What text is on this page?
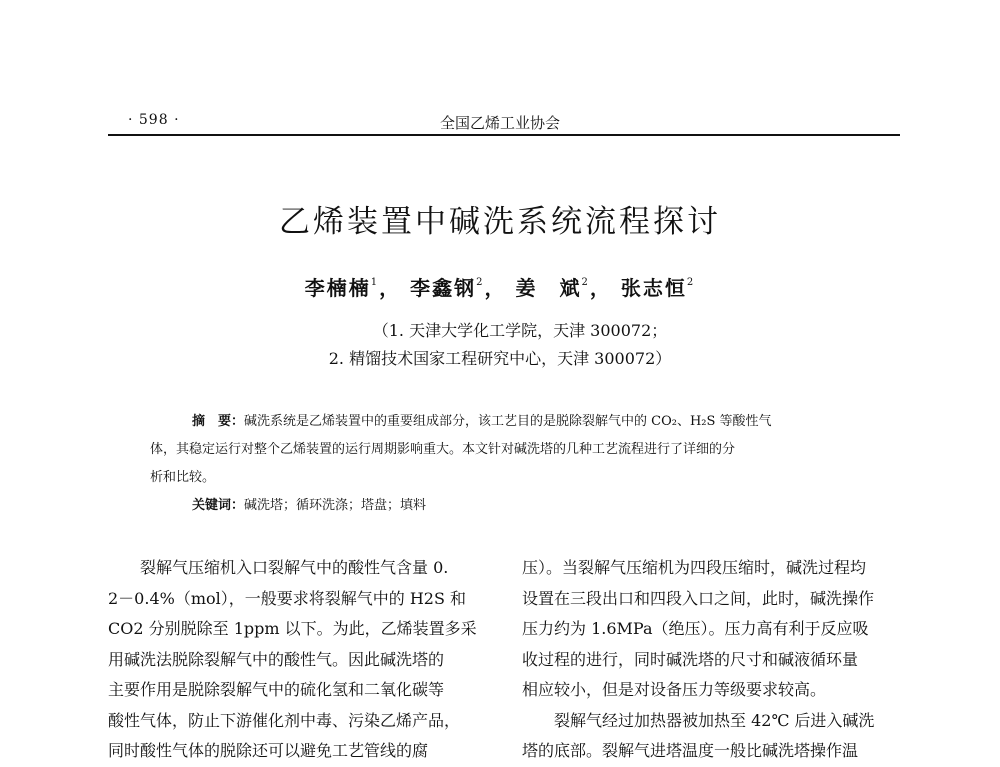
· 598 ·	全国乙烯工业协会
乙烯装置中碱洗系统流程探讨
李楠楠$^1$， 李鑫钢$^2$， 姜　斌$^2$， 张志恒$^2$
（1. 天津大学化工学院，天津 300072；
2. 精馏技术国家工程研究中心，天津 300072）
摘　要：碱洗系统是乙烯装置中的重要组成部分，该工艺目的是脱除裂解气中的 CO₂、H₂S 等酸性气
体，其稳定运行对整个乙烯装置的运行周期影响重大。本文针对碱洗塔的几种工艺流程进行了详细的分
析和比较。
关键词：碱洗塔；循环洗涤；塔盘；填料
裂解气压缩机入口裂解气中的酸性气含量 0.
2－0.4%（mol），一般要求将裂解气中的 H2S 和
CO2 分别脱除至 1ppm 以下。为此，乙烯装置多采
用碱洗法脱除裂解气中的酸性气。因此碱洗塔的
主要作用是脱除裂解气中的硫化氢和二氧化碳等
酸性气体，防止下游催化剂中毒、污染乙烯产品，
同时酸性气体的脱除还可以避免工艺管线的腐
压）。当裂解气压缩机为四段压缩时，碱洗过程均
设置在三段出口和四段入口之间，此时，碱洗操作
压力约为 1.6MPa（绝压）。压力高有利于反应吸
收过程的进行，同时碱洗塔的尺寸和碱液循环量
相应较小，但是对设备压力等级要求较高。
裂解气经过加热器被加热至 42℃ 后进入碱洗
塔的底部。裂解气进塔温度一般比碱洗塔操作温
